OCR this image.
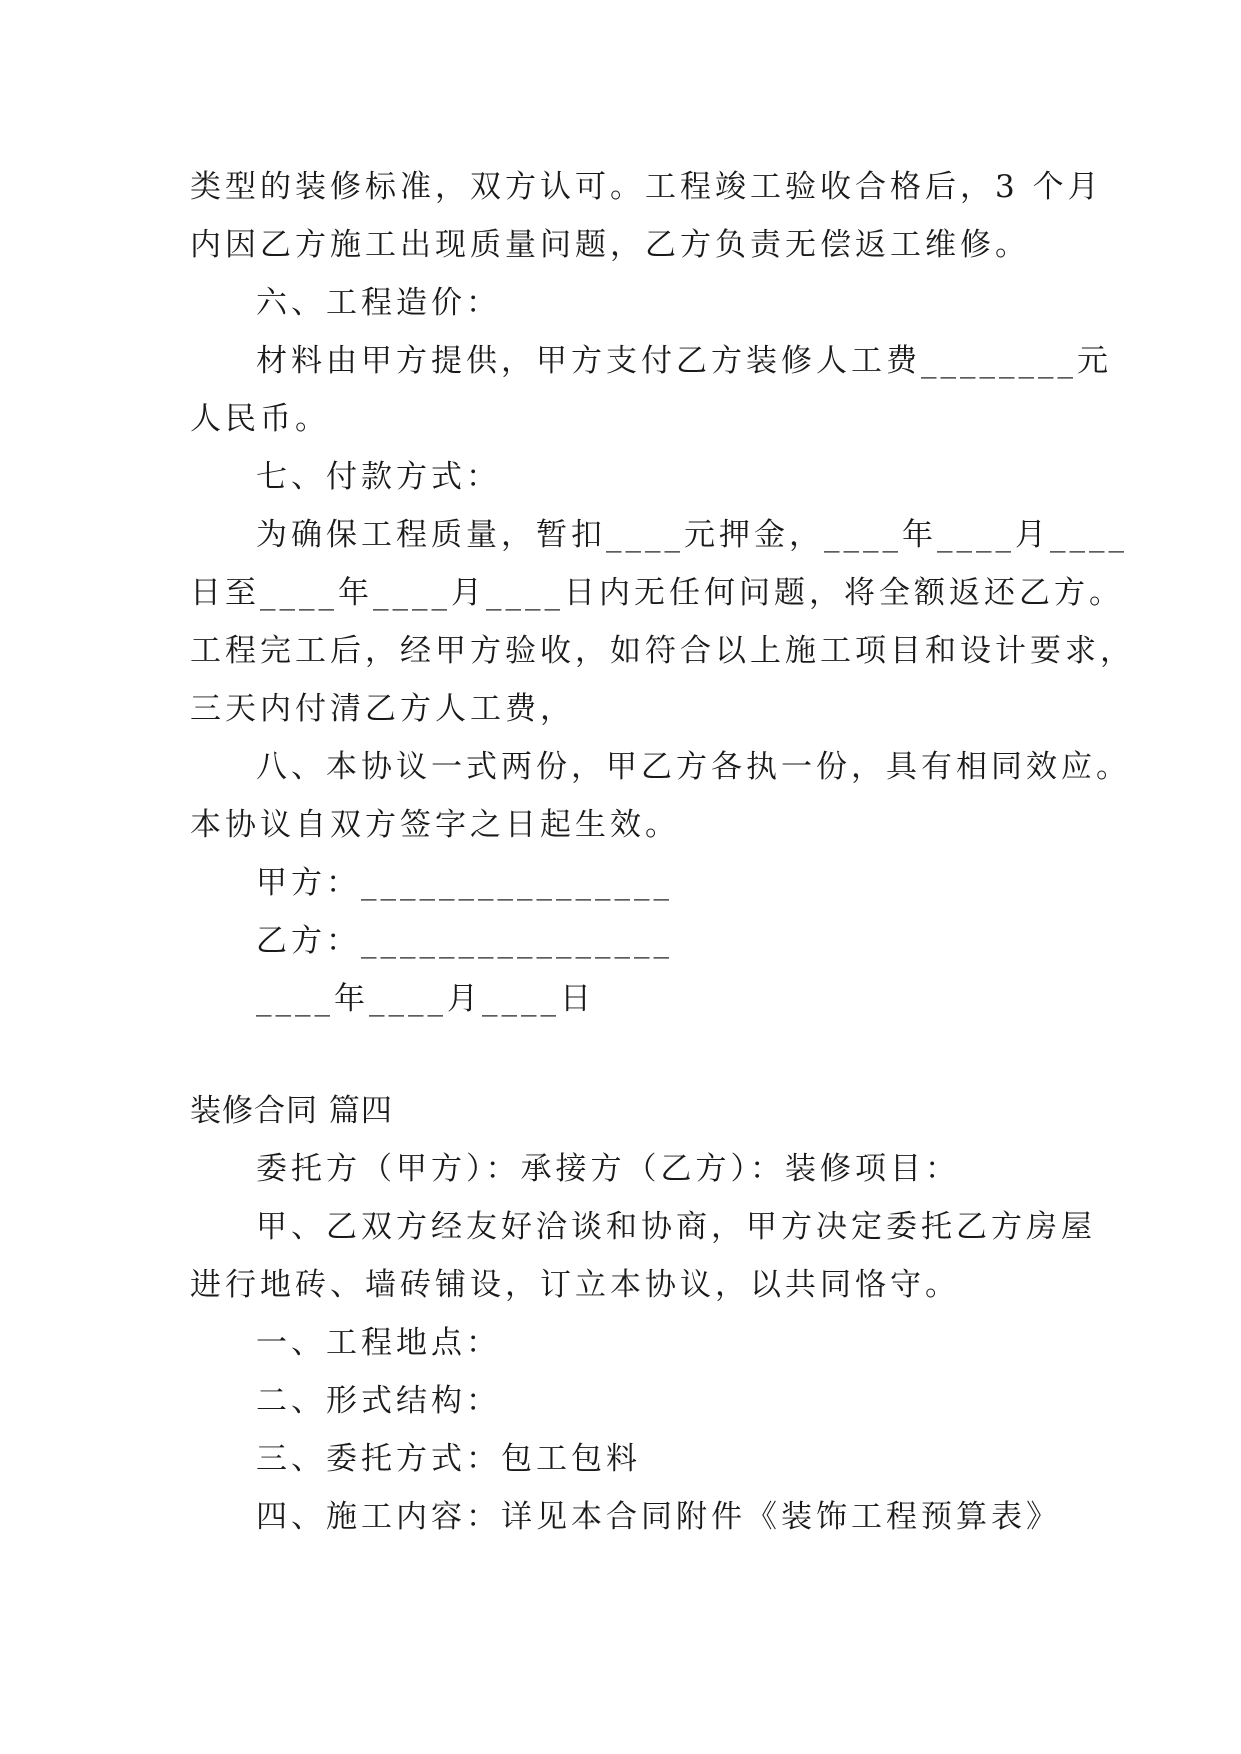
类型的装修标准，双方认可。工程竣工验收合格后，3 个月
内因乙方施工出现质量问题，乙方负责无偿返工维修。
六、工程造价：
材料由甲方提供，甲方支付乙方装修人工费________元
人民币。
七、付款方式：
为确保工程质量，暂扣____元押金，____年____月____
日至____年____月____日内无任何问题，将全额返还乙方。
工程完工后，经甲方验收，如符合以上施工项目和设计要求，
三天内付清乙方人工费，
八、本协议一式两份，甲乙方各执一份，具有相同效应。
本协议自双方签字之日起生效。
甲方：________________
乙方：________________
____年____月____日
装修合同 篇四
委托方（甲方）：承接方（乙方）：装修项目：
甲、乙双方经友好洽谈和协商，甲方决定委托乙方房屋
进行地砖、墙砖铺设，订立本协议，以共同恪守。
一、工程地点：
二、形式结构：
三、委托方式：包工包料
四、施工内容：详见本合同附件《装饰工程预算表》
